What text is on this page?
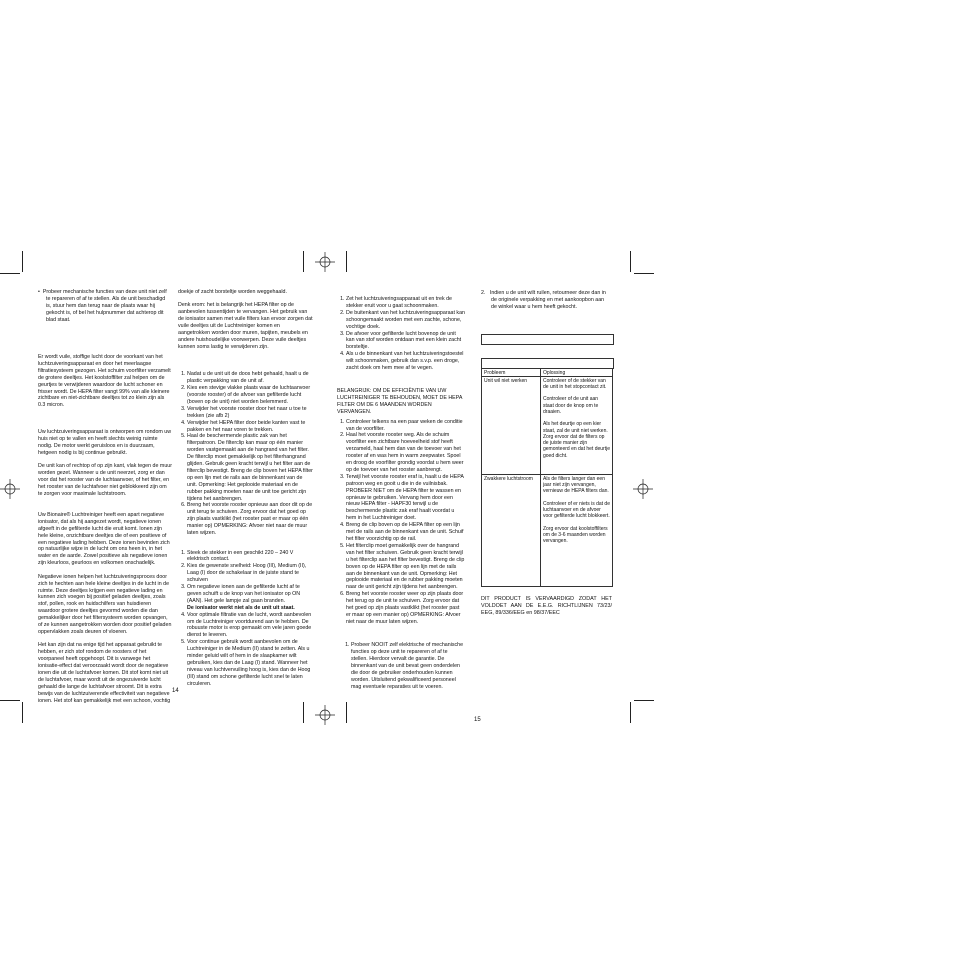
•  Probeer mechanische functies van deze unit niet zelf te repareren of af te stellen. Als de unit beschadigd is, stuur hem dan terug naar de plaats waar hij gekocht is, of bel het hulpnummer dat achterop dit blad staat.

Er wordt vuile, stoffige lucht door de voorkant van het luchtzuiveringsapparaat en door het meerlaagse filtratiesysteem gezogen. Het schuim voorfilter verzamelt de grotere deeltjes. Het koolstoffilter zal helpen om de geurtjes te verwijderen waardoor de lucht schoner en frisser wordt. De HEPA filter vangt 99% van alle kleinere zichtbare en niet-zichtbare deeltjes tot zo klein zijn als 0.3 micron.

Uw luchtzuiveringsapparaat is ontworpen om rondom uw huis niet op te vallen en heeft slechts weinig ruimte nodig. De motor werkt geruisloos en is duurzaam, hetgeen nodig is bij continue gebruikt.

De unit kan of rechtop of op zijn kant, vlak tegen de muur worden gezet. Wanneer u de unit neerzet, zorg er dan voor dat het rooster van de luchtaanvoer, of het filter, en het rooster van de luchtafvoer niet geblokkeerd zijn om te zorgen voor maximale luchtstroom.

Uw Bionaire® Luchtreiniger heeft een apart negatieve ionisator, dat als hij aangezet wordt, negatieve ionen afgeeft in de gefilterde lucht die eruit komt. Ionen zijn hele kleine, onzichtbare deeltjes die of een positieve of een negatieve lading hebben. Deze ionen bevinden zich op natuurlijke wijze in de lucht om ons heen in, in het water en de aarde. Zowel positieve als negatieve ionen zijn kleurloos, geurloos en volkomen onschadelijk.

Negatieve ionen helpen het luchtzuiveringsproces door zich te hechten aan hele kleine deeltjes in de lucht in de ruimte. Deze deeltjes krijgen een negatieve lading en kunnen zich voegen bij positief geladen deeltjes, zoals stof, pollen, rook en huidschilfers van huisdieren waardoor grotere deeltjes gevormd worden die dan gemakkelijker door het filtersysteem worden opvangen, of ze kunnen aangetrokken worden door positief geladen oppervlakken zoals deuren of vloeren.

Het kan zijn dat na enige tijd het apparaat gebruikt te hebben, er zich stof rondom de roosters of het voorpaneel heeft opgehoopt. Dit is vanwege het ionisatie-effect dat veroorzaakt wordt door de negatieve ionen die uit de luchtafvoer komen. Dit stof komt niet uit de luchtafvoer, maar wordt uit de ongezuiverde lucht gehaald die lange de luchtafvoer stroomt. Dit is extra bewijs van de luchtzuiverende effectiviteit van negatieve ionen. Het stof kan gemakkelijk met een schoon, vochtig

doekje of zacht borsteltje worden weggehaald.

Denk erom: het is belangrijk het HEPA filter op de aanbevolen tussentijden te vervangen. Het gebruik van de ionisator samen met vuile filters kan ervoor zorgen dat vuile deeltjes uit de Luchtreiniger komen en aangetrokken worden door muren, tapijten, meubels en andere huishoudelijke voorwerpen. Deze vuile deeltjes kunnen soms lastig te verwijderen zijn.

1. Nadat u de unit uit de doos hebt gehaald, haalt u de plastic verpakking van de unit af.
2. Kies een stevige vlakke plaats waar de luchtaanvoer (voorste rooster) of de afvoer van gefilterde lucht (boven op de unit) niet worden belemmerd.
3. Verwijder het voorste rooster door het naar u toe te trekken (zie afb 2)
4. Verwijder het HEPA filter door beide kanten vast te pakken en het naar voren te trekken.
5. Haal de beschermende plastic zak van het filterpatroon. De filterclip kan maar op één manier worden vastgemaakt aan de hangrand van het filter. De filterclip moet gemakkelijk op het filterhangrand glijden. Gebruik geen kracht terwijl u het filter aan de filterclip bevestigt. Breng de clip boven het HEPA filter op een lijn met de rails aan de binnenkant van de unit. Opmerking: Het geplooide materiaal en de rubber pakking moeten naar de unit toe gericht zijn tijdens het aanbrengen.
6. Breng het voorste rooster opnieuw aan door dit op de unit terug te schuiven. Zorg ervoor dat het goed op zijn plaats vastklikt (het rooster past er maar op één manier op) OPMERKING: Afvoer niet naar de muur laten wijzen.
1. Steek de stekker in een geschikt 220 – 240 V elektrisch contact.
2. Kies de gewenste snelheid: Hoog (III), Medium (II), Laag (I) door de schakelaar in de juiste stand te schuiven
3. Om negatieve ionen aan de gefilterde lucht af te geven schuift u de knop van het ionisator op ON (AAN). Het gele lampje zal gaan branden.
De ionisator werkt niet als de unit uit staat.
4. Voor optimale filtratie van de lucht, wordt aanbevolen om de Luchtreiniger voortdurend aan te hebben. De robuuste motor is erop gemaakt om vele jaren goede dienst te leveren.
5. Voor continue gebruik wordt aanbevolen om de Luchtreiniger in de Medium (II) stand te zetten. Als u minder geluid wilt of hem in de slaapkamer wilt gebruiken, kies dan de Laag (I) stand. Wanneer het niveau van luchtvervuiling hoog is, kies dan de Hoog (III) stand om schone gefilterde lucht snel te laten circuleren.
14
1. Zet het luchtzuiveringsapparaat uit en trek de stekker eruit voor u gaat schoonmaken.
2. De buitenkant van het luchtzuiveringsapparaat kan schoongemaakt worden met een zachte, schone, vochtige doek.
3. De afvoer voor gefilterde lucht bovenop de unit kan van stof worden ontdaan met een klein zacht borsteltje.
4. Als u de binnenkant van het luchtzuiveringstoestel wilt schoonmaken, gebruik dan s.v.p. een droge, zacht doek om hem mee af te vegen.

BELANGRIJK: OM DE EFFICIËNTIE VAN UW LUCHTREINIGER TE BEHOUDEN, MOET DE HEPA FILTER OM DE 6 MAANDEN WORDEN VERVANGEN.

1. Controleer telkens na een paar weken de conditie van de voorfilter.
2. Haal het voorste rooster weg. Als de schuim voorfilter een zichtbare hoeveelheid stof heeft verzameld, haal hem dan van de toevoer van het rooster af en was hem in warm zeepwater. Spoel en droog de voorfilter grondig voordat u hem weer op de toevoer van het rooster aanbrengt.
3. Terwijl het voorste rooster eraf is, haalt u de HEPA patroon weg en gooit u die in de vuilnisbak. PROBEER NIET om de HEPA filter te wassen en opnieuw te gebruiken. Vervang hem door een nieuw HEPA filter - HAPF30 terwijl u de beschermende plastic zak eraf haalt voordat u hem in het Luchtreiniger doet.
4. Breng de clip boven op de HEPA filter op een lijn met de rails aan de binnenkant van de unit. Schuif het filter voorzichtig op de rail.
5. Het filterclip moet gemakkelijk over de hangrand van het filter schuiven. Gebruik geen kracht terwijl u het filterclip aan het filter bevestigt. Breng de clip boven op de HEPA filter op een lijn met de rails aan de binnenkant van de unit. Opmerking: Het geplooide materiaal en de rubber pakking moeten naar de unit gericht zijn tijdens het aanbrengen.
6. Breng het voorste rooster weer op zijn plaats door het terug op de unit te schuiven. Zorg ervoor dat het goed op zijn plaats vastklikt (het rooster past er maar op een manier op) OPMERKING: Afvoer niet naar de muur laten wijzen.
1. Probeer NOOIT zelf elektrische of mechanische functies op deze unit te repareren of af te stellen. Hierdoor vervalt de garantie. De binnenkant van de unit bevat geen onderdelen die door de gebruiker onderhouden kunnen worden. Uitsluitend gekwalificeerd personeel mag eventuele reparaties uit te voeren.
2.   Indien u de unit wilt ruilen, retourneer deze dan in de originele verpakking en met aankoopbon aan de winkel waar u hem heeft gekocht.
Probleem	Oplossing
Unit wil niet werken	Controleer of de stekker van de unit in het stopcontact zit.
Controleer of de unit aan staat door de knop om te draaien.
Als het deurtje op een kier staat, zal de unit niet werken. Zorg ervoor dat de filters op de juiste manier zijn gemonteerd en dat het deurtje goed dicht.

Zwakkere luchtstroom	Als de filters langer dan een jaar niet zijn vervangen, vernieuw de HEPA filters dan.
Controleer of er niets is dat de luchtaanvoer en de afvoer voor gefilterde lucht blokkeert.
Zorg ervoor dat koolstoffilters om de 3-6 maanden worden vervangen.

DIT PRODUCT IS VERVAARDIGD ZODAT HET VOLDOET AAN DE E.E.G. RICHTLIJNEN 73/23/ EEG, 89/336/EEG en 98/37/EEC

15
